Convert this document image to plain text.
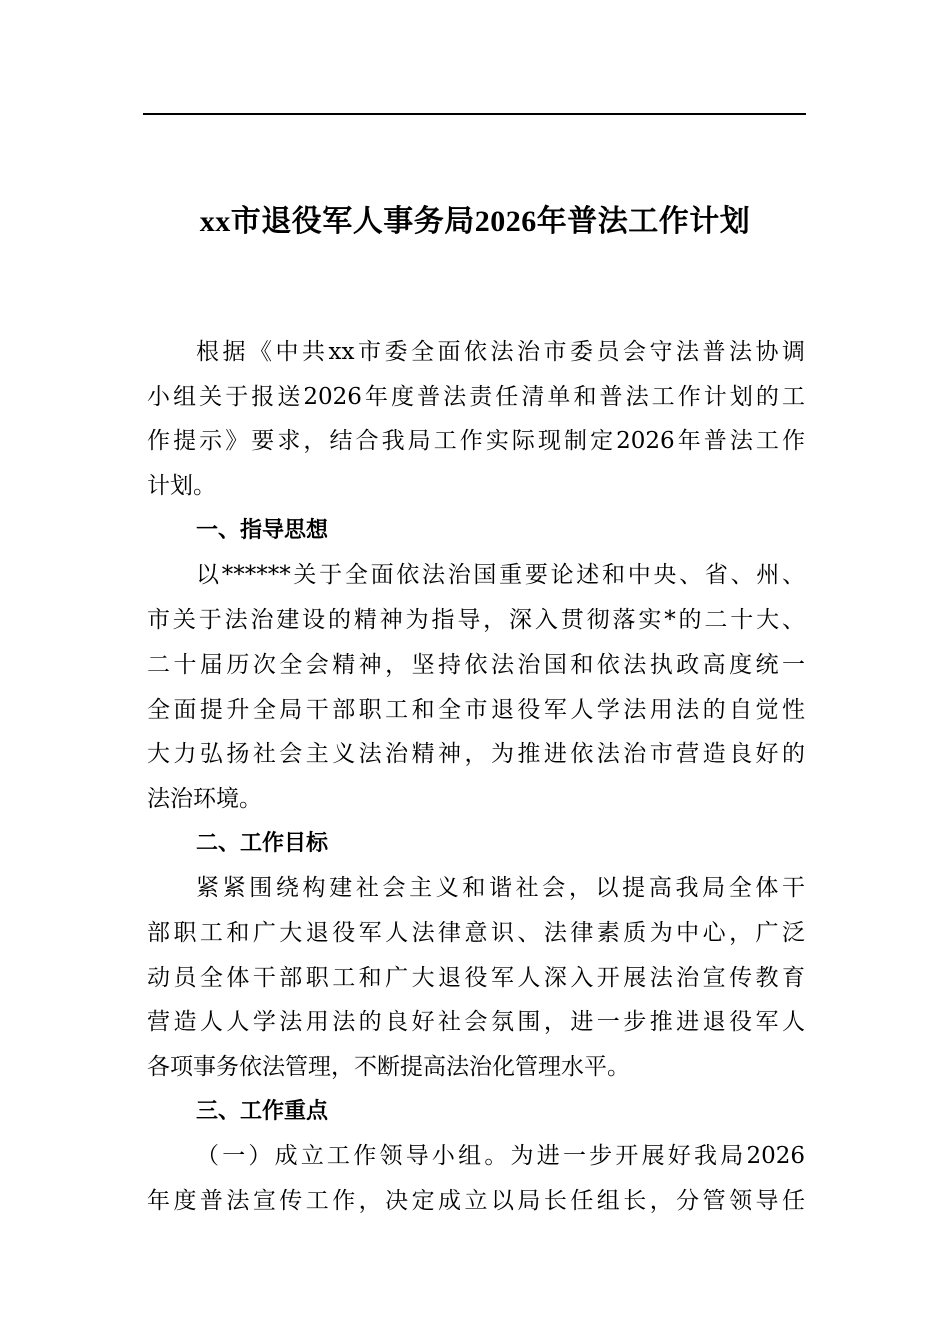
xx市退役军人事务局2026年普法工作计划
根据《中共xx市委全面依法治市委员会守法普法协调
小组关于报送2026年度普法责任清单和普法工作计划的工
作提示》要求，结合我局工作实际现制定2026年普法工作
计划。
一、指导思想
以******关于全面依法治国重要论述和中央、省、州、
市关于法治建设的精神为指导，深入贯彻落实*的二十大、
二十届历次全会精神，坚持依法治国和依法执政高度统一
全面提升全局干部职工和全市退役军人学法用法的自觉性
大力弘扬社会主义法治精神，为推进依法治市营造良好的
法治环境。
二、工作目标
紧紧围绕构建社会主义和谐社会，以提高我局全体干
部职工和广大退役军人法律意识、法律素质为中心，广泛
动员全体干部职工和广大退役军人深入开展法治宣传教育
营造人人学法用法的良好社会氛围，进一步推进退役军人
各项事务依法管理，不断提高法治化管理水平。
三、工作重点
（一）成立工作领导小组。为进一步开展好我局2026
年度普法宣传工作，决定成立以局长任组长，分管领导任
